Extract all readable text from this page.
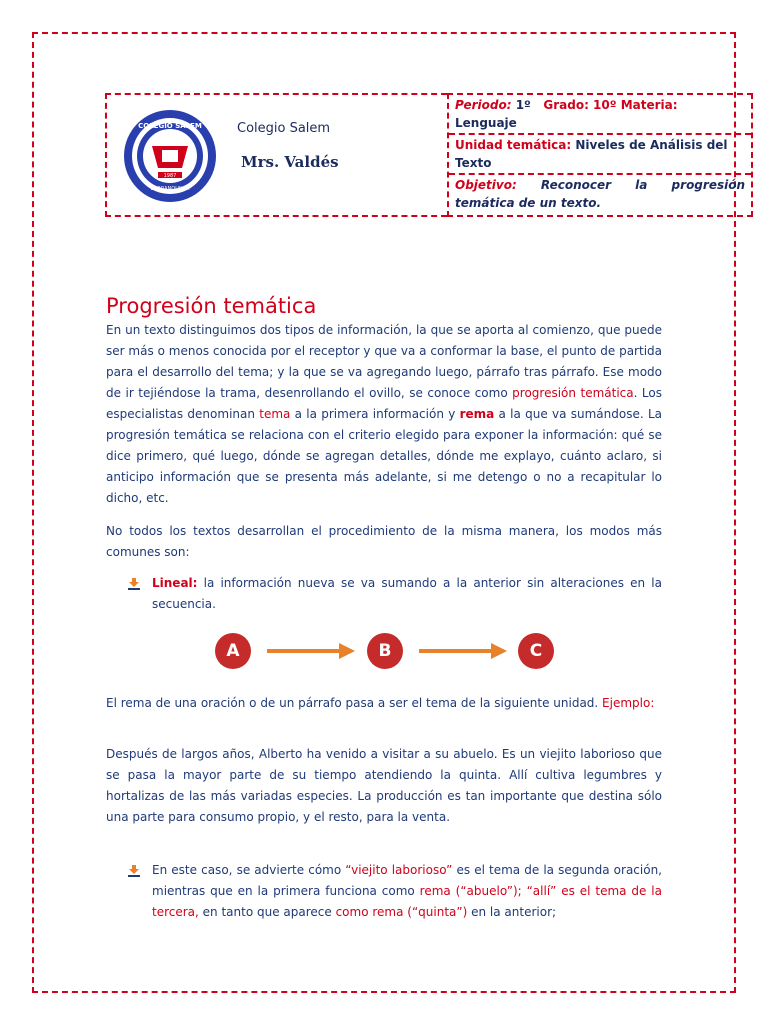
COLEGIO SALEM
1987
BARRANQUILLA
Colegio Salem
Mrs. Valdés
Periodo: 1º Grado: 10º Materia:
Lenguaje
Unidad temática: Niveles de Análisis del Texto
Objetivo: Reconocer la progresión temática de un texto.
Progresión temática
En un texto distinguimos dos tipos de información, la que se aporta al comienzo, que puede ser más o menos conocida por el receptor y que va a conformar la base, el punto de partida para el desarrollo del tema; y la que se va agregando luego, párrafo tras párrafo. Ese modo de ir tejiéndose la trama, desenrollando el ovillo, se conoce como progresión temática. Los especialistas denominan tema a la primera información y rema a la que va sumándose. La progresión temática se relaciona con el criterio elegido para exponer la información: qué se dice primero, qué luego, dónde se agregan detalles, dónde me explayo, cuánto aclaro, si anticipo información que se presenta más adelante, si me detengo o no a recapitular lo dicho, etc.
No todos los textos desarrollan el procedimiento de la misma manera, los modos más comunes son:
Lineal: la información nueva se va sumando a la anterior sin alteraciones en la secuencia.
A	B	C
El rema de una oración o de un párrafo pasa a ser el tema de la siguiente unidad. Ejemplo:
Después de largos años, Alberto ha venido a visitar a su abuelo. Es un viejito laborioso que se pasa la mayor parte de su tiempo atendiendo la quinta. Allí cultiva legumbres y hortalizas de las más variadas especies. La producción es tan importante que destina sólo una parte para consumo propio, y el resto, para la venta.
En este caso, se advierte cómo “viejito laborioso” es el tema de la segunda oración, mientras que en la primera funciona como rema (“abuelo”); “allí” es el tema de la tercera, en tanto que aparece como rema (“quinta”) en la anterior;
